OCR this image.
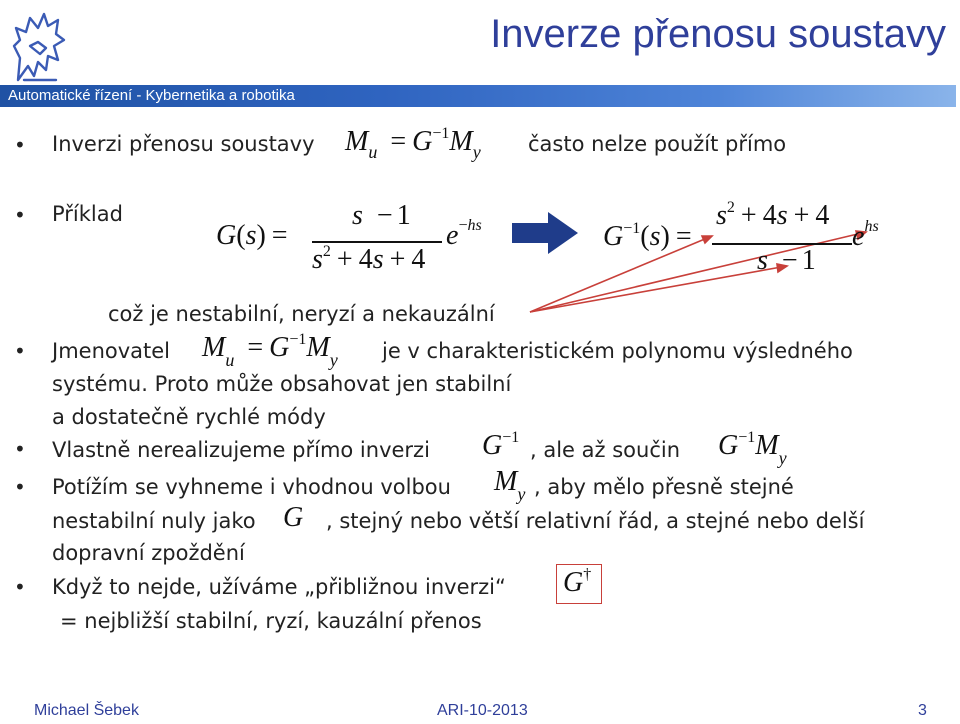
Inverze přenosu soustavy
Automatické řízení - Kybernetika a robotika
•
•
•
•
•
•
Inverzi přenosu soustavy $M_u = G^{-1}M_y$ často nelze použít přímo
Příklad
G(s) =
s − 1
$s^2 + 4s + 4$
$e^{-hs}$	$G^{-1}(s)$ =
$s^2 + 4s + 4$
s − 1
$e^{hs}$
což je nestabilní, neryzí a nekauzální
Jmenovatel $M_u = G^{-1}M_y$ je v charakteristickém polynomu výsledného
systému. Proto může obsahovat jen stabilní
a dostatečně rychlé módy
Vlastně nerealizujeme přímo inverzi $G^{-1}$
, ale až součin $G^{-1}M_y$
Potížím se vyhneme i vhodnou volbou $M_y$ , aby mělo přesně stejné
nestabilní nuly jako G , stejný nebo větší relativní řád, a stejné nebo delší
dopravní zpoždění
Když to nejde, užíváme „přibližnou inverzi“ G†
= nejbližší stabilní, ryzí, kauzální přenos
Michael Šebek	ARI-10-2013	3
